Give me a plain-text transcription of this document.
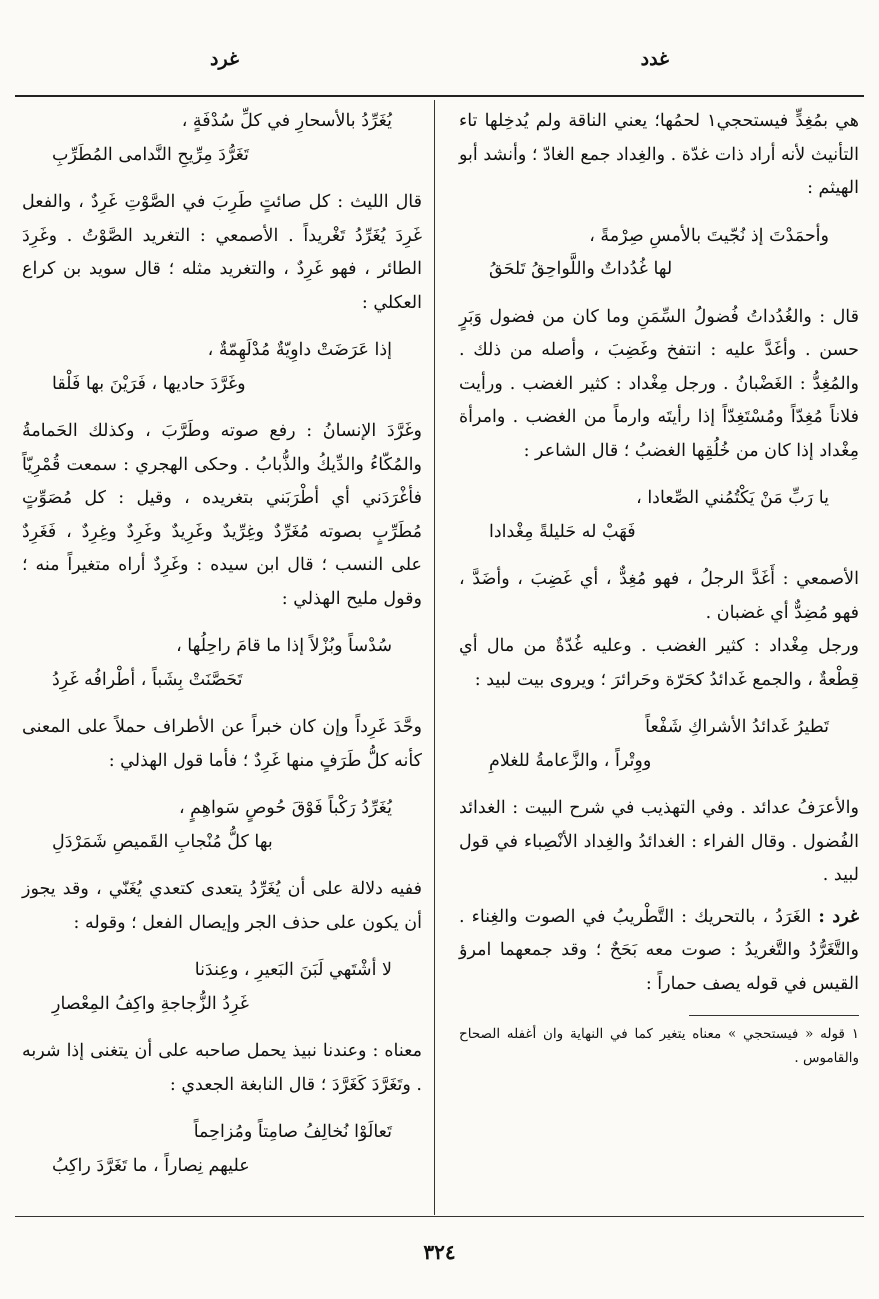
غدد
غرد

هي بمُغِدٍّ فيستحجي١ لحمُها؛ يعني الناقة ولم يُدخِلها تاء التأنيث لأنه أراد ذات غدّة . والغِداد جمع الغادّ ؛ وأنشد أبو الهيثم :

وأحمَدْتَ إذ نُجّيتَ بالأمسِ صِرْمةً ،
لها غُدُداتٌ واللَّواحِقُ تَلحَقُ

قال : والغُدُداتُ فُضولُ السِّمَنِ وما كان من فضول وَبَرٍ حسن . وأغَدَّ عليه : انتفخ وغَضِبَ ، وأصله من ذلك . والمُغِدُّ : الغَضْبانُ . ورجل مِغْداد : كثير الغضب . ورأيت فلاناً مُغِدّاً ومُسْتَغِدّاً إذا رأيتَه وارماً من الغضب . وامرأة مِغْداد إذا كان من خُلُقِها الغضبُ ؛ قال الشاعر :

يا رَبِّ مَنْ يَكْتُمُني الصِّعادا ،
فَهَبْ له حَليلةً مِغْدادا

الأصمعي : أَغَدَّ الرجلُ ، فهو مُغِدٌّ ، أي غَضِبَ ، وأضَدَّ ، فهو مُضِدٌّ أي غضبان .

ورجل مِغْداد : كثير الغضب . وعليه غُدّةٌ من مال أي قِطْعةٌ ، والجمع غَدائدُ كحَرّة وحَرائرَ ؛ ويروى بيت لبيد :

تَطيرُ غَدائدُ الأشراكِ شَفْعاً
ووِتْراً ، والزَّعامةُ للغلامِ

والأعرَفُ عدائد . وفي التهذيب في شرح البيت : الغدائد الفُضول . وقال الفراء : الغدائدُ والغِداد الأنْصِباء في قول لبيد .

غرد : الغَرَدُ ، بالتحريك : التَّطْريبُ في الصوت والغِناء . والتَّغَرُّدُ والتَّغريدُ : صوت معه بَحَحٌ ؛ وقد جمعهما امرؤ القيس في قوله يصف حماراً :

١ قوله « فيستحجي » معناه يتغير كما في النهاية وان أغفله الصحاح والقاموس .

يُغَرِّدُ بالأسحارِ في كلِّ سُدْفَةٍ ،
تَغَرُّدَ مِرِّيحِ النَّدامى المُطَرِّبِ

قال الليث : كل صائتٍ طَرِبَ في الصَّوْتِ غَرِدٌ ، والفعل غَرِدَ يُغَرِّدُ تَغْريداً . الأصمعي : التغريد الصَّوْتُ . وغَرِدَ الطائر ، فهو غَرِدٌ ، والتغريد مثله ؛ قال سويد بن كراع العكلي :

إذا عَرَضَتْ داوِيّةٌ مُدْلَهِمّةٌ ،
وغَرَّدَ حاديها ، فَرَيْنَ بها فَلْقا

وغَرَّدَ الإنسانُ : رفع صوته وطَرَّبَ ، وكذلك الحَمامةُ والمُكّاءُ والدِّيكُ والذُّبابُ . وحكى الهجري : سمعت قُمْرِيّاً فأغْرَدَني أي أطْرَبَني بتغريده ، وقيل : كل مُصَوِّتٍ مُطَرِّبٍ بصوته مُغَرِّدٌ وغِرِّيدٌ وغَرِيدٌ وغَرِدٌ وغِرِدٌ ، فَغَرِدٌ على النسب ؛ قال ابن سيده : وغَرِدٌ أراه متغيراً منه ؛ وقول مليح الهذلي :

سُدْساً وبُزْلاً إذا ما قامَ راحِلُها ،
تَحَصَّنَتْ بِشَباً ، أطْرافُه غَرِدُ

وحَّدَ غَرِداً وإن كان خبراً عن الأطراف حملاً على المعنى كأنه كلُّ طَرَفٍ منها غَرِدٌ ؛ فأما قول الهذلي :

يُغَرِّدُ رَكْباً فَوْقَ حُوصٍ سَواهِمٍ ،
بها كلُّ مُنْجابِ القَميصِ شَمَرْدَلِ

ففيه دلالة على أن يُغَرِّدُ يتعدى كتعدي يُغَنّي ، وقد يجوز أن يكون على حذف الجر وإيصال الفعل ؛ وقوله :

لا أشْتَهي لَبَنَ البَعيرِ ، وعِندَنا
غَرِدُ الزُّجاجةِ واكِفُ المِعْصارِ

معناه : وعندنا نبيذ يحمل صاحبه على أن يتغنى إذا شربه . وتَغَرَّدَ كَغَرَّدَ ؛ قال النابغة الجعدي :

تَعالَوْا نُخالِفُ صامِتاً ومُزاحِماً
عليهم نِصاراً ، ما تَغَرَّدَ راكِبُ
٣٢٤
